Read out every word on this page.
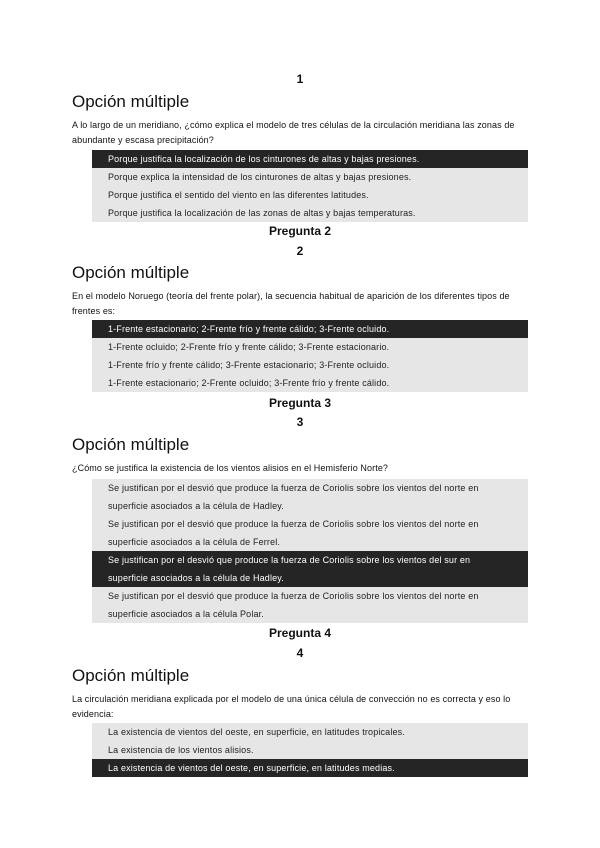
1
Opción múltiple
A lo largo de un meridiano, ¿cómo explica el modelo de tres células de la circulación meridiana las zonas de abundante y escasa precipitación?
Porque justifica la localización de los cinturones de altas y bajas presiones.
Porque explica la intensidad de los cinturones de altas y bajas presiones.
Porque justifica el sentido del viento en las diferentes latitudes.
Porque justifica la localización de las zonas de altas y bajas temperaturas.
Pregunta 2
2
Opción múltiple
En el modelo Noruego (teoría del frente polar), la secuencia habitual de aparición de los diferentes tipos de frentes es:
1-Frente estacionario; 2-Frente frío y frente cálido; 3-Frente ocluido.
1-Frente ocluido; 2-Frente frío y frente cálido; 3-Frente estacionario.
1-Frente frío y frente cálido; 3-Frente estacionario; 3-Frente ocluido.
1-Frente estacionario; 2-Frente ocluido; 3-Frente frío y frente cálido.
Pregunta 3
3
Opción múltiple
¿Cómo se justifica la existencia de los vientos alisios en el Hemisferio Norte?
Se justifican por el desvió que produce la fuerza de Coriolis sobre los vientos del norte en superficie asociados a la célula de Hadley.
Se justifican por el desvió que produce la fuerza de Coriolis sobre los vientos del norte en superficie asociados a la célula de Ferrel.
Se justifican por el desvió que produce la fuerza de Coriolis sobre los vientos del sur en superficie asociados a la célula de Hadley.
Se justifican por el desvió que produce la fuerza de Coriolis sobre los vientos del norte en superficie asociados a la célula Polar.
Pregunta 4
4
Opción múltiple
La circulación meridiana explicada por el modelo de una única célula de convección no es correcta y eso lo evidencia:
La existencia de vientos del oeste, en superficie, en latitudes tropicales.
La existencia de los vientos alisios.
La existencia de vientos del oeste, en superficie, en latitudes medias.
